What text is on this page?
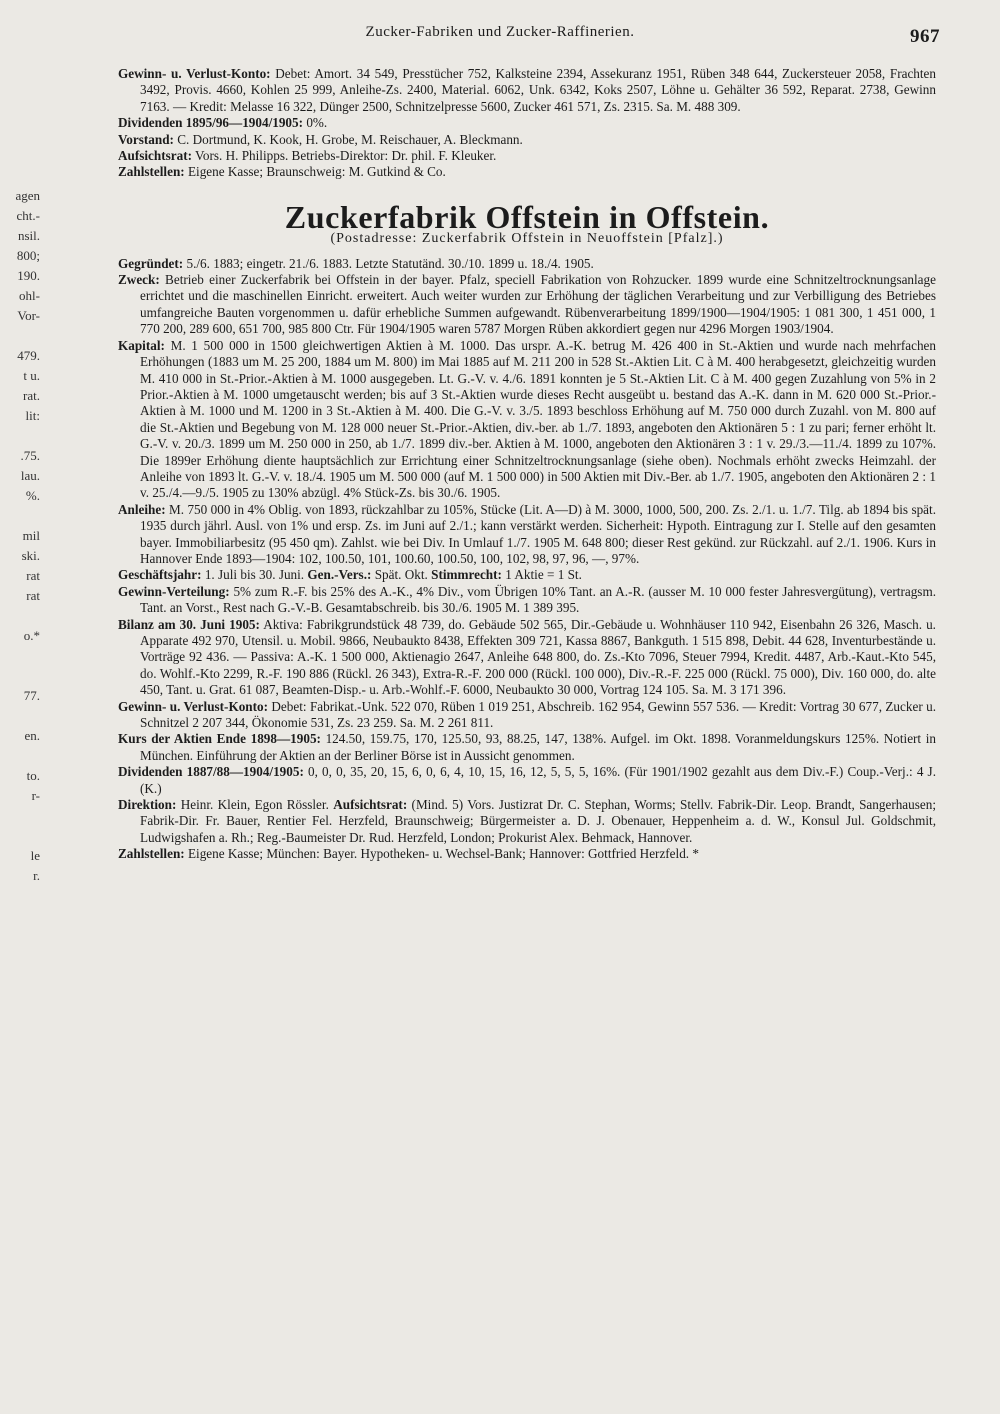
Zucker-Fabriken und Zucker-Raffinerien.	967
agen
cht.-
nsil.
800;
190.
ohl-
Vor-
479.
t u.
rat.
lit:
.75.
lau.
%.
mil
ski.
rat
rat
o.*
77.
en.
to.
r-
le
r.

Gewinn- u. Verlust-Konto: Debet: Amort. 34 549, Presstücher 752, Kalksteine 2394, Assekuranz 1951, Rüben 348 644, Zuckersteuer 2058, Frachten 3492, Provis. 4660, Kohlen 25 999, Anleihe-Zs. 2400, Material. 6062, Unk. 6342, Koks 2507, Löhne u. Gehälter 36 592, Reparat. 2738, Gewinn 7163. — Kredit: Melasse 16 322, Dünger 2500, Schnitzelpresse 5600, Zucker 461 571, Zs. 2315. Sa. M. 488 309.

Dividenden 1895/96—1904/1905: 0%.

Vorstand: C. Dortmund, K. Kook, H. Grobe, M. Reischauer, A. Bleckmann.

Aufsichtsrat: Vors. H. Philipps. Betriebs-Direktor: Dr. phil. F. Kleuker.

Zahlstellen: Eigene Kasse; Braunschweig: M. Gutkind & Co.

Zuckerfabrik Offstein in Offstein.
(Postadresse: Zuckerfabrik Offstein in Neuoffstein [Pfalz].)

Gegründet: 5./6. 1883; eingetr. 21./6. 1883. Letzte Statutänd. 30./10. 1899 u. 18./4. 1905.

Zweck: Betrieb einer Zuckerfabrik bei Offstein in der bayer. Pfalz, speciell Fabrikation von Rohzucker. 1899 wurde eine Schnitzeltrocknungsanlage errichtet und die maschinellen Einricht. erweitert. Auch weiter wurden zur Erhöhung der täglichen Verarbeitung und zur Verbilligung des Betriebes umfangreiche Bauten vorgenommen u. dafür erhebliche Summen aufgewandt. Rübenverarbeitung 1899/1900—1904/1905: 1 081 300, 1 451 000, 1 770 200, 289 600, 651 700, 985 800 Ctr. Für 1904/1905 waren 5787 Morgen Rüben akkordiert gegen nur 4296 Morgen 1903/1904.

Kapital: M. 1 500 000 in 1500 gleichwertigen Aktien à M. 1000. Das urspr. A.-K. betrug M. 426 400 in St.-Aktien und wurde nach mehrfachen Erhöhungen (1883 um M. 25 200, 1884 um M. 800) im Mai 1885 auf M. 211 200 in 528 St.-Aktien Lit. C à M. 400 herabgesetzt, gleichzeitig wurden M. 410 000 in St.-Prior.-Aktien à M. 1000 ausgegeben. Lt. G.-V. v. 4./6. 1891 konnten je 5 St.-Aktien Lit. C à M. 400 gegen Zuzahlung von 5% in 2 Prior.-Aktien à M. 1000 umgetauscht werden; bis auf 3 St.-Aktien wurde dieses Recht ausgeübt u. bestand das A.-K. dann in M. 620 000 St.-Prior.-Aktien à M. 1000 und M. 1200 in 3 St.-Aktien à M. 400. Die G.-V. v. 3./5. 1893 beschloss Erhöhung auf M. 750 000 durch Zuzahl. von M. 800 auf die St.-Aktien und Begebung von M. 128 000 neuer St.-Prior.-Aktien, div.-ber. ab 1./7. 1893, angeboten den Aktionären 5 : 1 zu pari; ferner erhöht lt. G.-V. v. 20./3. 1899 um M. 250 000 in 250, ab 1./7. 1899 div.-ber. Aktien à M. 1000, angeboten den Aktionären 3 : 1 v. 29./3.—11./4. 1899 zu 107%. Die 1899er Erhöhung diente hauptsächlich zur Errichtung einer Schnitzeltrocknungsanlage (siehe oben). Nochmals erhöht zwecks Heimzahl. der Anleihe von 1893 lt. G.-V. v. 18./4. 1905 um M. 500 000 (auf M. 1 500 000) in 500 Aktien mit Div.-Ber. ab 1./7. 1905, angeboten den Aktionären 2 : 1 v. 25./4.—9./5. 1905 zu 130% abzügl. 4% Stück-Zs. bis 30./6. 1905.

Anleihe: M. 750 000 in 4% Oblig. von 1893, rückzahlbar zu 105%, Stücke (Lit. A—D) à M. 3000, 1000, 500, 200. Zs. 2./1. u. 1./7. Tilg. ab 1894 bis spät. 1935 durch jährl. Ausl. von 1% und ersp. Zs. im Juni auf 2./1.; kann verstärkt werden. Sicherheit: Hypoth. Eintragung zur I. Stelle auf den gesamten bayer. Immobiliarbesitz (95 450 qm). Zahlst. wie bei Div. In Umlauf 1./7. 1905 M. 648 800; dieser Rest gekünd. zur Rückzahl. auf 2./1. 1906. Kurs in Hannover Ende 1893—1904: 102, 100.50, 101, 100.60, 100.50, 100, 102, 98, 97, 96, —, 97%.

Geschäftsjahr: 1. Juli bis 30. Juni. Gen.-Vers.: Spät. Okt. Stimmrecht: 1 Aktie = 1 St.

Gewinn-Verteilung: 5% zum R.-F. bis 25% des A.-K., 4% Div., vom Übrigen 10% Tant. an A.-R. (ausser M. 10 000 fester Jahresvergütung), vertragsm. Tant. an Vorst., Rest nach G.-V.-B. Gesamtabschreib. bis 30./6. 1905 M. 1 389 395.

Bilanz am 30. Juni 1905: Aktiva: Fabrikgrundstück 48 739, do. Gebäude 502 565, Dir.-Gebäude u. Wohnhäuser 110 942, Eisenbahn 26 326, Masch. u. Apparate 492 970, Utensil. u. Mobil. 9866, Neubaukto 8438, Effekten 309 721, Kassa 8867, Bankguth. 1 515 898, Debit. 44 628, Inventurbestände u. Vorträge 92 436. — Passiva: A.-K. 1 500 000, Aktienagio 2647, Anleihe 648 800, do. Zs.-Kto 7096, Steuer 7994, Kredit. 4487, Arb.-Kaut.-Kto 545, do. Wohlf.-Kto 2299, R.-F. 190 886 (Rückl. 26 343), Extra-R.-F. 200 000 (Rückl. 100 000), Div.-R.-F. 225 000 (Rückl. 75 000), Div. 160 000, do. alte 450, Tant. u. Grat. 61 087, Beamten-Disp.- u. Arb.-Wohlf.-F. 6000, Neubaukto 30 000, Vortrag 124 105. Sa. M. 3 171 396.

Gewinn- u. Verlust-Konto: Debet: Fabrikat.-Unk. 522 070, Rüben 1 019 251, Abschreib. 162 954, Gewinn 557 536. — Kredit: Vortrag 30 677, Zucker u. Schnitzel 2 207 344, Ökonomie 531, Zs. 23 259. Sa. M. 2 261 811.

Kurs der Aktien Ende 1898—1905: 124.50, 159.75, 170, 125.50, 93, 88.25, 147, 138%. Aufgel. im Okt. 1898. Voranmeldungskurs 125%. Notiert in München. Einführung der Aktien an der Berliner Börse ist in Aussicht genommen.

Dividenden 1887/88—1904/1905: 0, 0, 0, 35, 20, 15, 6, 0, 6, 4, 10, 15, 16, 12, 5, 5, 5, 16%. (Für 1901/1902 gezahlt aus dem Div.-F.) Coup.-Verj.: 4 J. (K.)

Direktion: Heinr. Klein, Egon Rössler. Aufsichtsrat: (Mind. 5) Vors. Justizrat Dr. C. Stephan, Worms; Stellv. Fabrik-Dir. Leop. Brandt, Sangerhausen; Fabrik-Dir. Fr. Bauer, Rentier Fel. Herzfeld, Braunschweig; Bürgermeister a. D. J. Obenauer, Heppenheim a. d. W., Konsul Jul. Goldschmit, Ludwigshafen a. Rh.; Reg.-Baumeister Dr. Rud. Herzfeld, London; Prokurist Alex. Behmack, Hannover.

Zahlstellen: Eigene Kasse; München: Bayer. Hypotheken- u. Wechsel-Bank; Hannover: Gottfried Herzfeld. *
